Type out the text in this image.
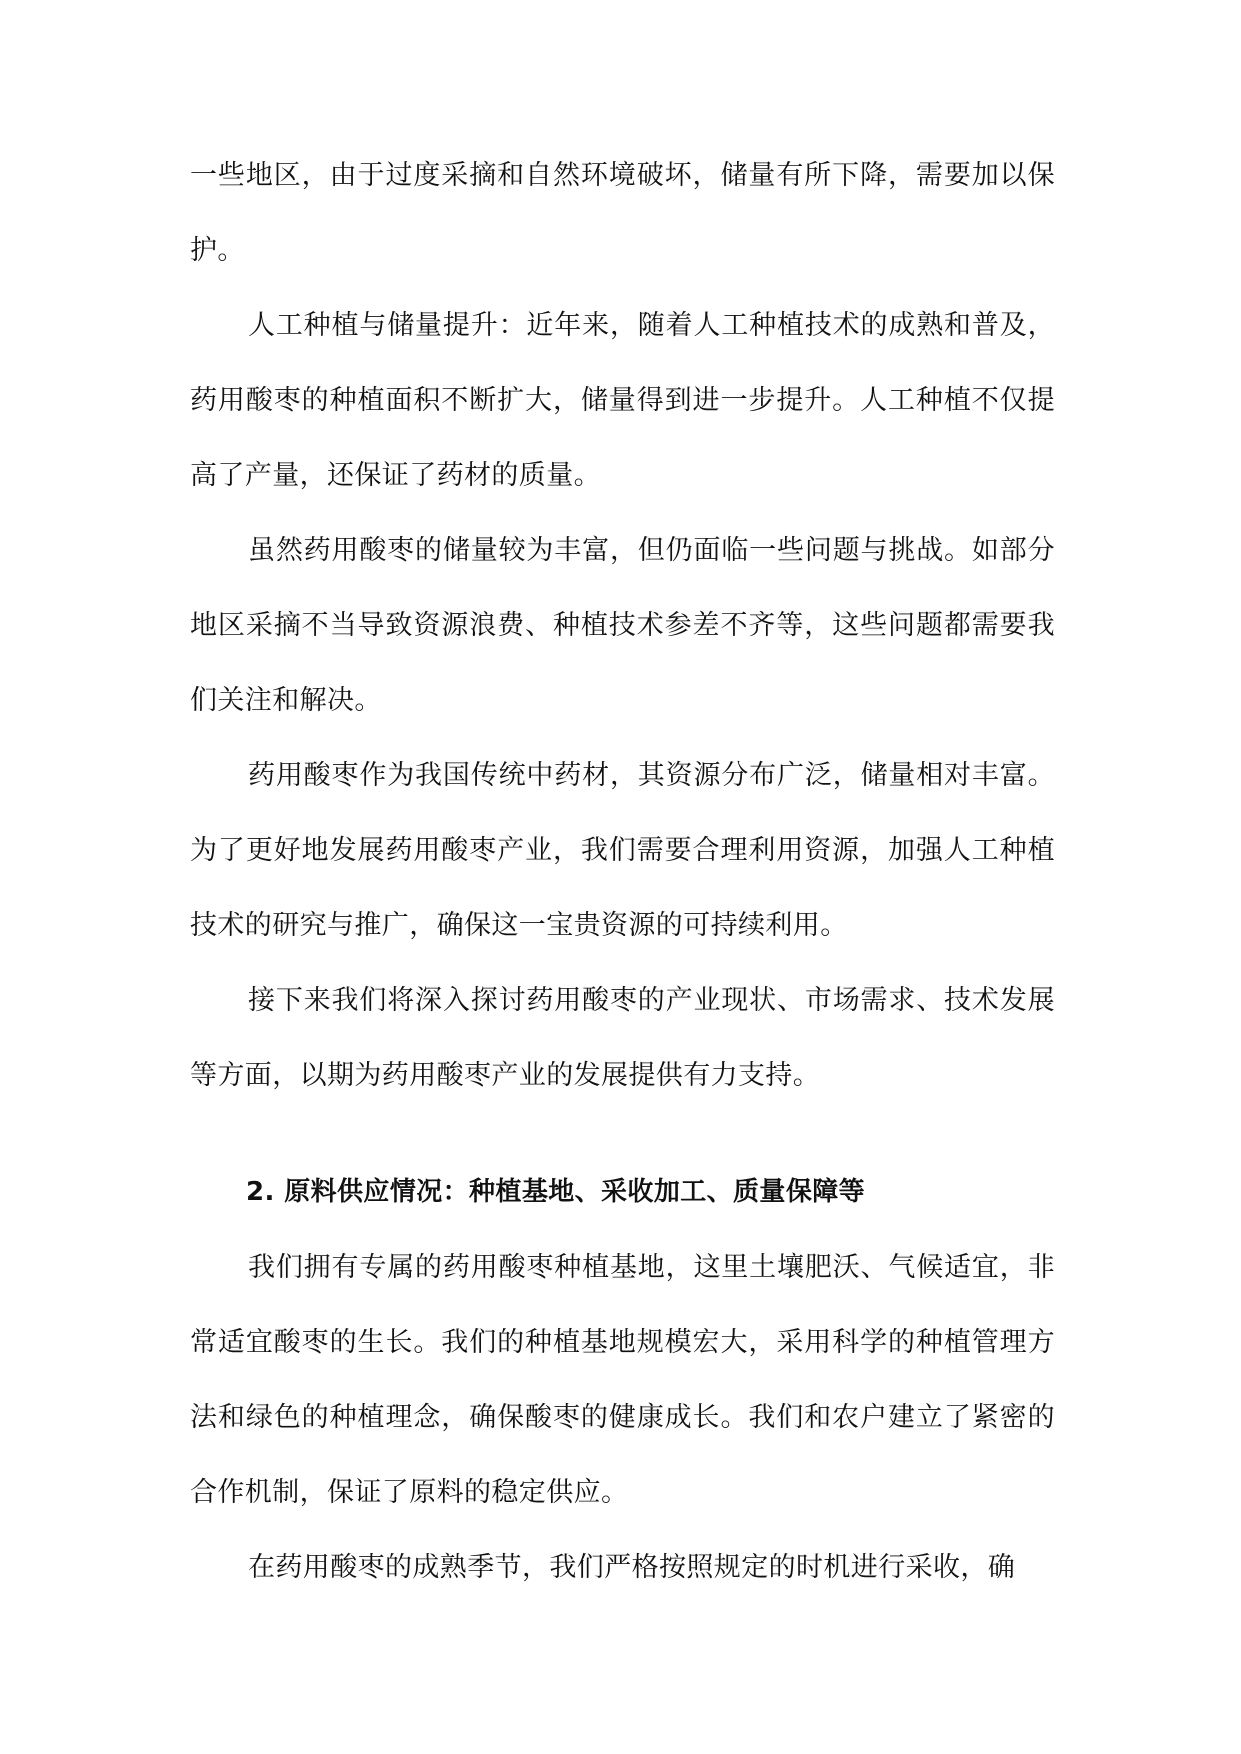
一些地区，由于过度采摘和自然环境破坏，储量有所下降，需要加以保护。

人工种植与储量提升：近年来，随着人工种植技术的成熟和普及，药用酸枣的种植面积不断扩大，储量得到进一步提升。人工种植不仅提高了产量，还保证了药材的质量。

虽然药用酸枣的储量较为丰富，但仍面临一些问题与挑战。如部分地区采摘不当导致资源浪费、种植技术参差不齐等，这些问题都需要我们关注和解决。

药用酸枣作为我国传统中药材，其资源分布广泛，储量相对丰富。为了更好地发展药用酸枣产业，我们需要合理利用资源，加强人工种植技术的研究与推广，确保这一宝贵资源的可持续利用。

接下来我们将深入探讨药用酸枣的产业现状、市场需求、技术发展等方面，以期为药用酸枣产业的发展提供有力支持。

2. 原料供应情况：种植基地、采收加工、质量保障等

我们拥有专属的药用酸枣种植基地，这里土壤肥沃、气候适宜，非常适宜酸枣的生长。我们的种植基地规模宏大，采用科学的种植管理方法和绿色的种植理念，确保酸枣的健康成长。我们和农户建立了紧密的合作机制，保证了原料的稳定供应。

在药用酸枣的成熟季节，我们严格按照规定的时机进行采收，确
